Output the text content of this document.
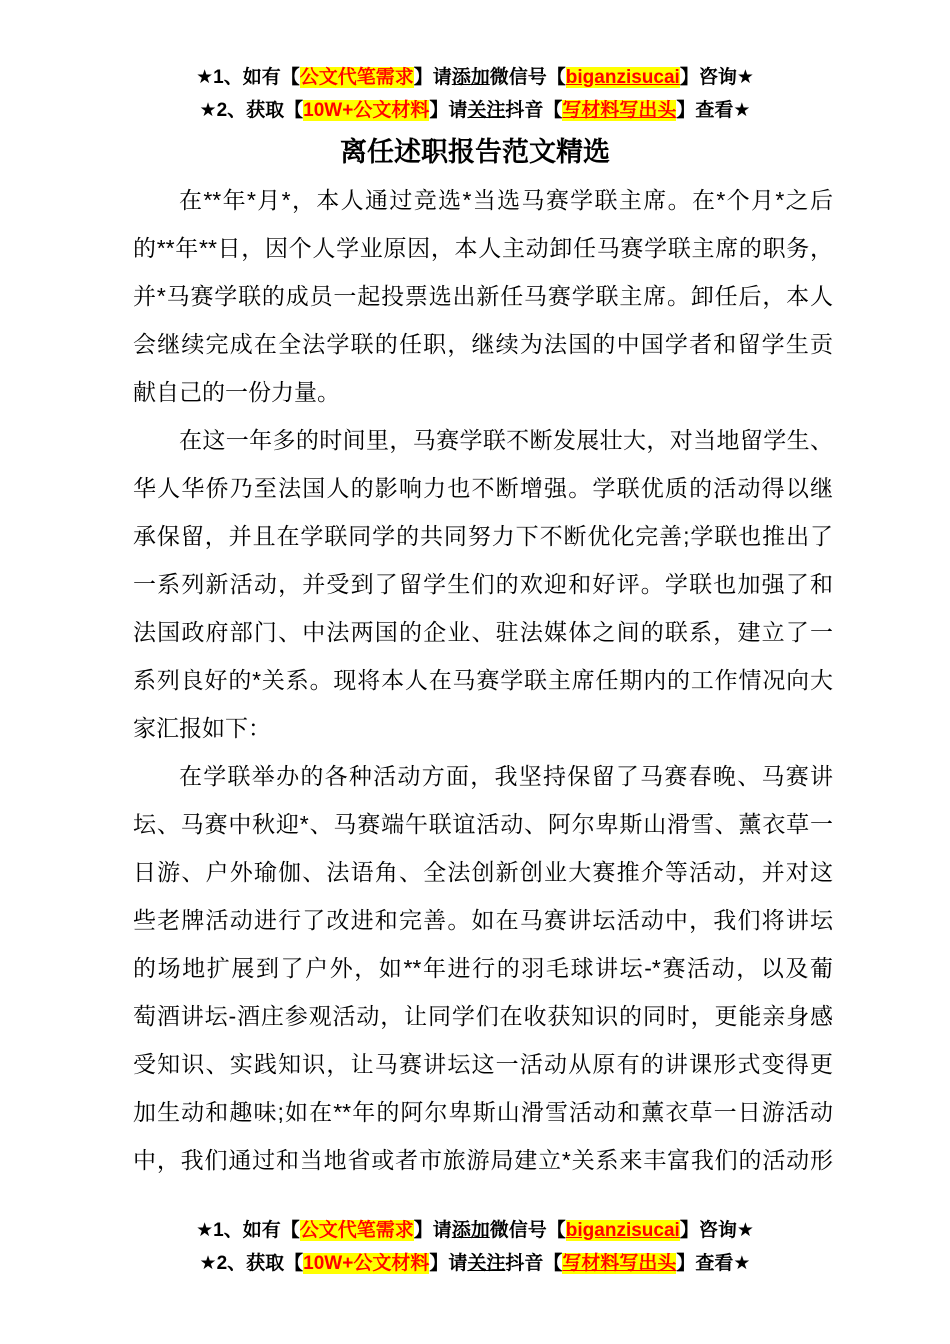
★1、如有【公文代笔需求】请添加微信号【biganzisucai】咨询★
★2、获取【10W+公文材料】请关注抖音【写材料写出头】查看★
离任述职报告范文精选
在**年*月*，本人通过竞选*当选马赛学联主席。在*个月*之后
的**年**日，因个人学业原因，本人主动卸任马赛学联主席的职务，
并*马赛学联的成员一起投票选出新任马赛学联主席。卸任后，本人
会继续完成在全法学联的任职，继续为法国的中国学者和留学生贡
献自己的一份力量。
在这一年多的时间里，马赛学联不断发展壮大，对当地留学生、
华人华侨乃至法国人的影响力也不断增强。学联优质的活动得以继
承保留，并且在学联同学的共同努力下不断优化完善;学联也推出了
一系列新活动，并受到了留学生们的欢迎和好评。学联也加强了和
法国政府部门、中法两国的企业、驻法媒体之间的联系，建立了一
系列良好的*关系。现将本人在马赛学联主席任期内的工作情况向大
家汇报如下：
在学联举办的各种活动方面，我坚持保留了马赛春晚、马赛讲
坛、马赛中秋迎*、马赛端午联谊活动、阿尔卑斯山滑雪、薰衣草一
日游、户外瑜伽、法语角、全法创新创业大赛推介等活动，并对这
些老牌活动进行了改进和完善。如在马赛讲坛活动中，我们将讲坛
的场地扩展到了户外，如**年进行的羽毛球讲坛-*赛活动，以及葡
萄酒讲坛-酒庄参观活动，让同学们在收获知识的同时，更能亲身感
受知识、实践知识，让马赛讲坛这一活动从原有的讲课形式变得更
加生动和趣味;如在**年的阿尔卑斯山滑雪活动和薰衣草一日游活动
中，我们通过和当地省或者市旅游局建立*关系来丰富我们的活动形
★1、如有【公文代笔需求】请添加微信号【biganzisucai】咨询★
★2、获取【10W+公文材料】请关注抖音【写材料写出头】查看★
